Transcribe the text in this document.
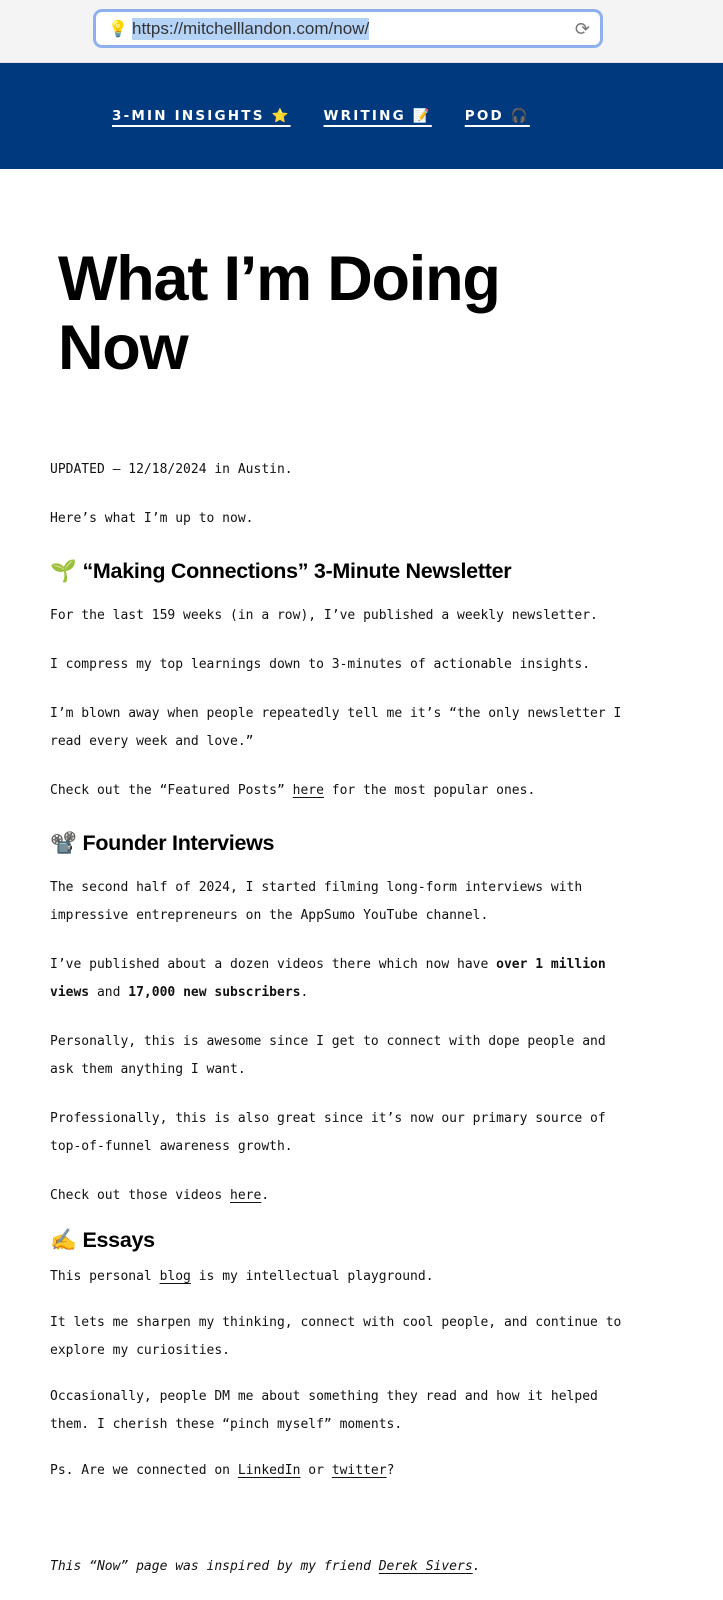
💡 https://mitchelllandon.com/now/	⟳
3-MIN INSIGHTS ⭐ WRITING 📝 POD 🎧
What I’m Doing Now

UPDATED — 12/18/2024 in Austin.

Here’s what I’m up to now.

🌱 “Making Connections” 3-Minute Newsletter

For the last 159 weeks (in a row), I’ve published a weekly newsletter.

I compress my top learnings down to 3-minutes of actionable insights.

I’m blown away when people repeatedly tell me it’s “the only newsletter I read every week and love.”

Check out the “Featured Posts” here for the most popular ones.

📽️ Founder Interviews

The second half of 2024, I started filming long-form interviews with impressive entrepreneurs on the AppSumo YouTube channel.

I’ve published about a dozen videos there which now have over 1 million views and 17,000 new subscribers.

Personally, this is awesome since I get to connect with dope people and ask them anything I want.

Professionally, this is also great since it’s now our primary source of top-of-funnel awareness growth.

Check out those videos here.

✍️ Essays

This personal blog is my intellectual playground.

It lets me sharpen my thinking, connect with cool people, and continue to explore my curiosities.

Occasionally, people DM me about something they read and how it helped them. I cherish these “pinch myself” moments.

Ps. Are we connected on LinkedIn or twitter?

This “Now” page was inspired by my friend Derek Sivers.
